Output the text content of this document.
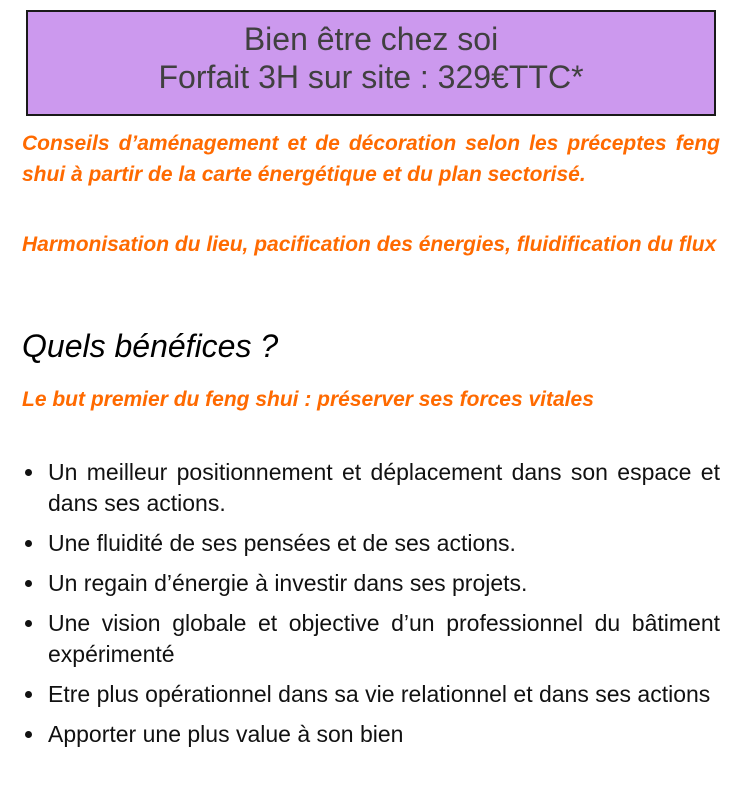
Bien être chez soi
Forfait 3H sur site : 329€TTC*
Conseils d’aménagement et de décoration selon les préceptes feng shui à partir de la carte énergétique et du plan sectorisé.
Harmonisation du lieu, pacification des énergies, fluidification du flux
Quels bénéfices ?
Le but premier du feng shui : préserver ses forces vitales
Un meilleur positionnement et déplacement dans son espace et dans ses actions.
Une fluidité de ses pensées et de ses actions.
Un regain d’énergie à investir dans ses projets.
Une vision globale et objective d’un professionnel du bâtiment expérimenté
Etre plus opérationnel dans sa vie relationnel et dans ses actions
Apporter une plus value à son bien
